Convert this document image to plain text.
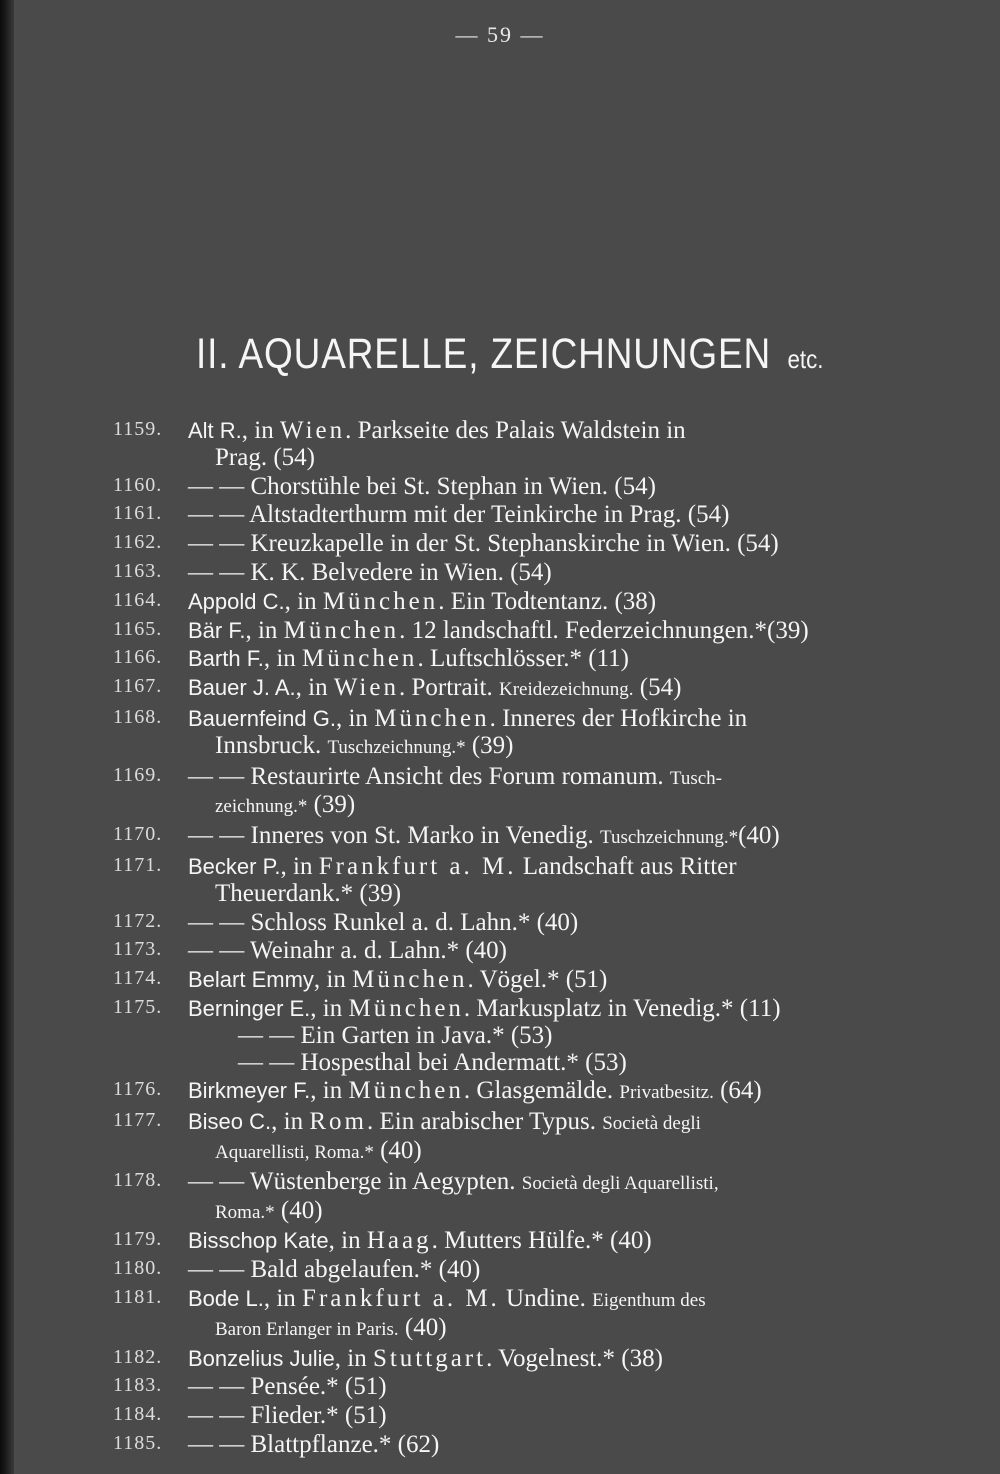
— 59 —
II. AQUARELLE, ZEICHNUNGEN etc.
1159. Alt R., in Wien. Parkseite des Palais Waldstein in
Prag. (54)
1160. — — Chorstühle bei St. Stephan in Wien. (54)
1161. — — Altstadterthurm mit der Teinkirche in Prag. (54)
1162. — — Kreuzkapelle in der St. Stephanskirche in Wien. (54)
1163. — — K. K. Belvedere in Wien. (54)
1164. Appold C., in München. Ein Todtentanz. (38)
1165. Bär F., in München. 12 landschaftl. Federzeichnungen.*(39)
1166. Barth F., in München. Luftschlösser.* (11)
1167. Bauer J. A., in Wien. Portrait. Kreidezeichnung. (54)
1168. Bauernfeind G., in München. Inneres der Hofkirche in
Innsbruck. Tuschzeichnung.* (39)
1169. — — Restaurirte Ansicht des Forum romanum. Tusch-
zeichnung.* (39)
1170. — — Inneres von St. Marko in Venedig. Tuschzeichnung.*(40)
1171. Becker P., in Frankfurt a. M. Landschaft aus Ritter
Theuerdank.* (39)
1172. — — Schloss Runkel a. d. Lahn.* (40)
1173. — — Weinahr a. d. Lahn.* (40)
1174. Belart Emmy, in München. Vögel.* (51)
1175. Berninger E., in München. Markusplatz in Venedig.* (11)
— — Ein Garten in Java.* (53)
— — Hospesthal bei Andermatt.* (53)
1176. Birkmeyer F., in München. Glasgemälde. Privatbesitz. (64)
1177. Biseo C., in Rom. Ein arabischer Typus. Società degli
Aquarellisti, Roma.* (40)
1178. — — Wüstenberge in Aegypten. Società degli Aquarellisti,
Roma.* (40)
1179. Bisschop Kate, in Haag. Mutters Hülfe.* (40)
1180. — — Bald abgelaufen.* (40)
1181. Bode L., in Frankfurt a. M. Undine. Eigenthum des
Baron Erlanger in Paris. (40)
1182. Bonzelius Julie, in Stuttgart. Vogelnest.* (38)
1183. — — Pensée.* (51)
1184. — — Flieder.* (51)
1185. — — Blattpflanze.* (62)
